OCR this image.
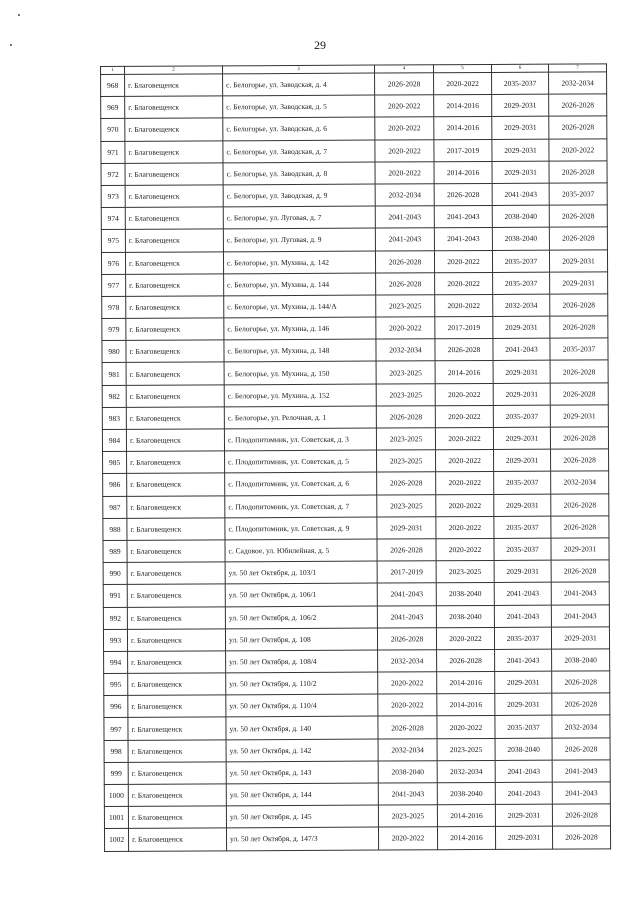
29
1	2	3	4	5	6	7
968	г. Благовещенск	с. Белогорье, ул. Заводская, д. 4	2026-2028	2020-2022	2035-2037	2032-2034
969	г. Благовещенск	с. Белогорье, ул. Заводская, д. 5	2020-2022	2014-2016	2029-2031	2026-2028
970	г. Благовещенск	с. Белогорье, ул. Заводская, д. 6	2020-2022	2014-2016	2029-2031	2026-2028
971	г. Благовещенск	с. Белогорье, ул. Заводская, д. 7	2020-2022	2017-2019	2029-2031	2020-2022
972	г. Благовещенск	с. Белогорье, ул. Заводская, д. 8	2020-2022	2014-2016	2029-2031	2026-2028
973	г. Благовещенск	с. Белогорье, ул. Заводская, д. 9	2032-2034	2026-2028	2041-2043	2035-2037
974	г. Благовещенск	с. Белогорье, ул. Луговая, д. 7	2041-2043	2041-2043	2038-2040	2026-2028
975	г. Благовещенск	с. Белогорье, ул. Луговая, д. 9	2041-2043	2041-2043	2038-2040	2026-2028
976	г. Благовещенск	с. Белогорье, ул. Мухина, д. 142	2026-2028	2020-2022	2035-2037	2029-2031
977	г. Благовещенск	с. Белогорье, ул. Мухина, д. 144	2026-2028	2020-2022	2035-2037	2029-2031
978	г. Благовещенск	с. Белогорье, ул. Мухина, д. 144/А	2023-2025	2020-2022	2032-2034	2026-2028
979	г. Благовещенск	с. Белогорье, ул. Мухина, д. 146	2020-2022	2017-2019	2029-2031	2026-2028
980	г. Благовещенск	с. Белогорье, ул. Мухина, д. 148	2032-2034	2026-2028	2041-2043	2035-2037
981	г. Благовещенск	с. Белогорье, ул. Мухина, д. 150	2023-2025	2014-2016	2029-2031	2026-2028
982	г. Благовещенск	с. Белогорье, ул. Мухина, д. 152	2023-2025	2020-2022	2029-2031	2026-2028
983	г. Благовещенск	с. Белогорье, ул. Релочная, д. 1	2026-2028	2020-2022	2035-2037	2029-2031
984	г. Благовещенск	с. Плодопитомник, ул. Советская, д. 3	2023-2025	2020-2022	2029-2031	2026-2028
985	г. Благовещенск	с. Плодопитомник, ул. Советская, д. 5	2023-2025	2020-2022	2029-2031	2026-2028
986	г. Благовещенск	с. Плодопитомник, ул. Советская, д. 6	2026-2028	2020-2022	2035-2037	2032-2034
987	г. Благовещенск	с. Плодопитомник, ул. Советская, д. 7	2023-2025	2020-2022	2029-2031	2026-2028
988	г. Благовещенск	с. Плодопитомник, ул. Советская, д. 9	2029-2031	2020-2022	2035-2037	2026-2028
989	г. Благовещенск	с. Садовое, ул. Юбилейная, д. 5	2026-2028	2020-2022	2035-2037	2029-2031
990	г. Благовещенск	ул. 50 лет Октября, д. 103/1	2017-2019	2023-2025	2029-2031	2026-2028
991	г. Благовещенск	ул. 50 лет Октября, д. 106/1	2041-2043	2038-2040	2041-2043	2041-2043
992	г. Благовещенск	ул. 50 лет Октября, д. 106/2	2041-2043	2038-2040	2041-2043	2041-2043
993	г. Благовещенск	ул. 50 лет Октября, д. 108	2026-2028	2020-2022	2035-2037	2029-2031
994	г. Благовещенск	ул. 50 лет Октября, д. 108/4	2032-2034	2026-2028	2041-2043	2038-2040
995	г. Благовещенск	ул. 50 лет Октября, д. 110/2	2020-2022	2014-2016	2029-2031	2026-2028
996	г. Благовещенск	ул. 50 лет Октября, д. 110/4	2020-2022	2014-2016	2029-2031	2026-2028
997	г. Благовещенск	ул. 50 лет Октября, д. 140	2026-2028	2020-2022	2035-2037	2032-2034
998	г. Благовещенск	ул. 50 лет Октября, д. 142	2032-2034	2023-2025	2038-2040	2026-2028
999	г. Благовещенск	ул. 50 лет Октября, д. 143	2038-2040	2032-2034	2041-2043	2041-2043
1000	г. Благовещенск	ул. 50 лет Октября, д. 144	2041-2043	2038-2040	2041-2043	2041-2043
1001	г. Благовещенск	ул. 50 лет Октября, д. 145	2023-2025	2014-2016	2029-2031	2026-2028
1002	г. Благовещенск	ул. 50 лет Октября, д. 147/3	2020-2022	2014-2016	2029-2031	2026-2028
